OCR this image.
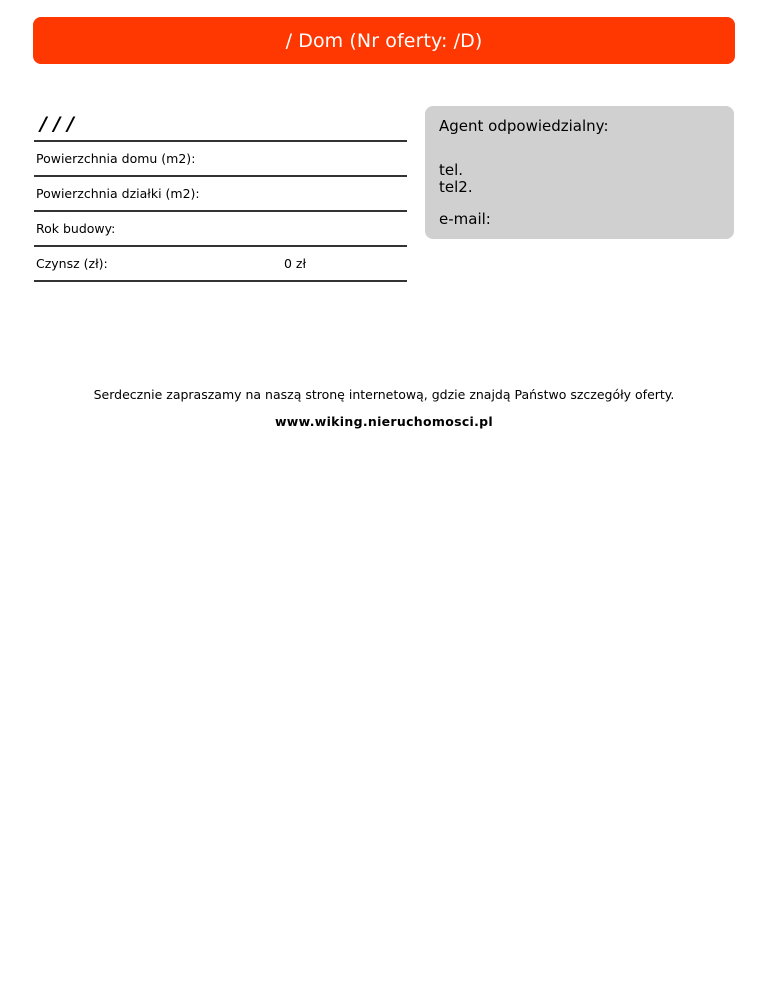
/ Dom (Nr oferty: /D)
/ / /
Powierzchnia domu (m2):
Powierzchnia działki (m2):
Rok budowy:
Czynsz (zł):	0 zł
Agent odpowiedzialny:
tel.
tel2.
e-mail:
Serdecznie zapraszamy na naszą stronę internetową, gdzie znajdą Państwo szczegóły oferty.
www.wiking.nieruchomosci.pl
